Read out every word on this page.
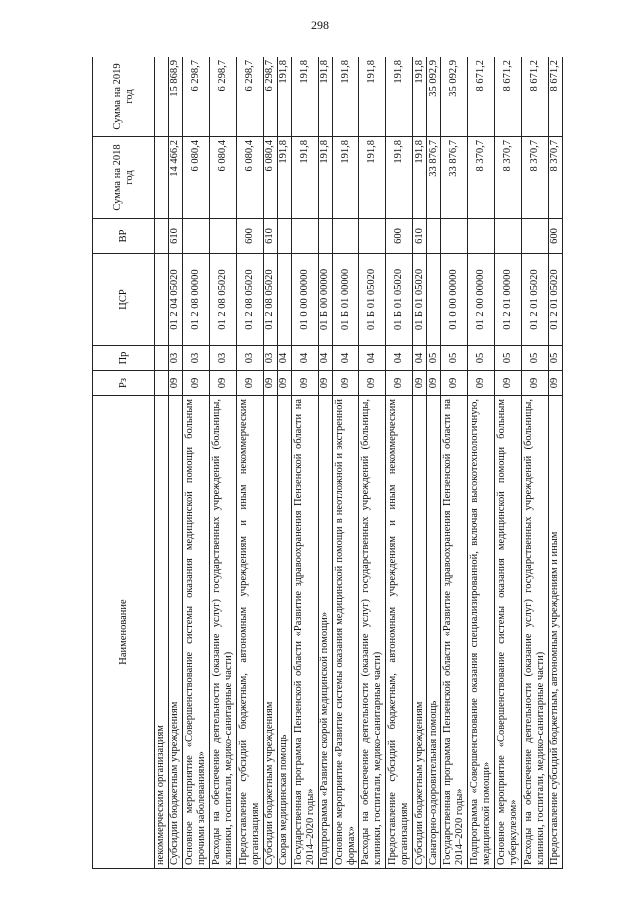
298
Наименование	Рз	Пр	ЦСР	ВР	Сумма на 2018 год	Сумма на 2019 год
некоммерческим организациям						
Субсидии бюджетным учреждениям	09	03	01 2 04 05020	610	14 466,2	15 868,9
Основное мероприятие «Совершенствование системы оказания медицинской помощи больным прочими заболеваниями»	09	03	01 2 08 00000		6 080,4	6 298,7
Расходы на обеспечение деятельности (оказание услуг) государственных учреждений (больницы, клиники, госпитали, медико-санитарные части)	09	03	01 2 08 05020		6 080,4	6 298,7
Предоставление субсидий бюджетным, автономным учреждениям и иным некоммерческим организациям	09	03	01 2 08 05020	600	6 080,4	6 298,7
Субсидии бюджетным учреждениям	09	03	01 2 08 05020	610	6 080,4	6 298,7
Скорая медицинская помощь	09	04			191,8	191,8
Государственная программа Пензенской области «Развитие здравоохранения Пензенской области на 2014–2020 годы»	09	04	01 0 00 00000		191,8	191,8
Подпрограмма «Развитие скорой медицинской помощи»	09	04	01 Б 00 00000		191,8	191,8
Основное мероприятие «Развитие системы оказания медицинской помощи в неотложной и экстренной формах»	09	04	01 Б 01 00000		191,8	191,8
Расходы на обеспечение деятельности (оказание услуг) государственных учреждений (больницы, клиники, госпитали, медико-санитарные части)	09	04	01 Б 01 05020		191,8	191,8
Предоставление субсидий бюджетным, автономным учреждениям и иным некоммерческим организациям	09	04	01 Б 01 05020	600	191,8	191,8
Субсидии бюджетным учреждениям	09	04	01 Б 01 05020	610	191,8	191,8
Санаторно-оздоровительная помощь	09	05			33 876,7	35 092,9
Государственная программа Пензенской области «Развитие здравоохранения Пензенской области на 2014–2020 годы»	09	05	01 0 00 00000		33 876,7	35 092,9
Подпрограмма «Совершенствование оказания специализированной, включая высокотехнологичную, медицинской помощи»	09	05	01 2 00 00000		8 370,7	8 671,2
Основное мероприятие «Совершенствование системы оказания медицинской помощи больным туберкулезом»	09	05	01 2 01 00000		8 370,7	8 671,2
Расходы на обеспечение деятельности (оказание услуг) государственных учреждений (больницы, клиники, госпитали, медико-санитарные части)	09	05	01 2 01 05020		8 370,7	8 671,2
Предоставление субсидий бюджетным, автономным учреждениям и иным	09	05	01 2 01 05020	600	8 370,7	8 671,2
